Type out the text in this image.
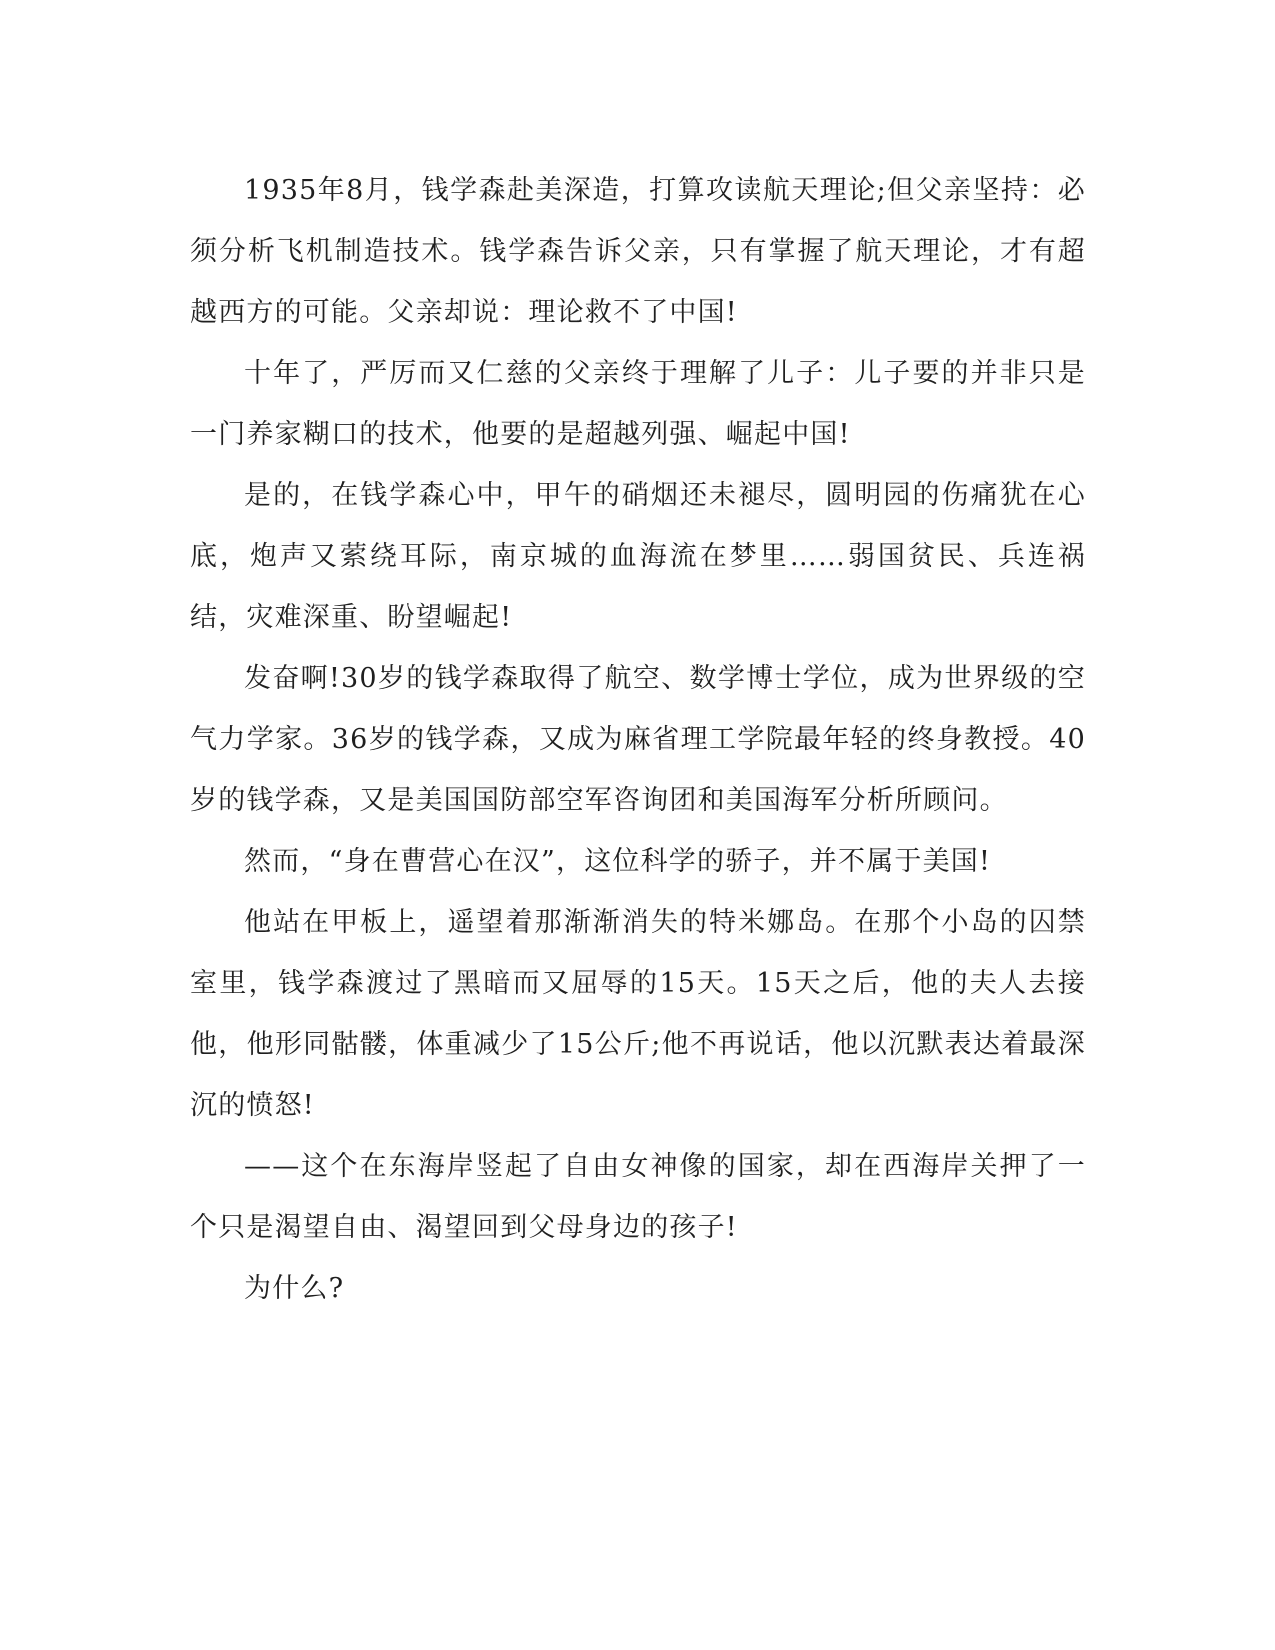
1935年8月，钱学森赴美深造，打算攻读航天理论;但父亲坚持：必须分析飞机制造技术。钱学森告诉父亲，只有掌握了航天理论，才有超越西方的可能。父亲却说：理论救不了中国!

十年了，严厉而又仁慈的父亲终于理解了儿子：儿子要的并非只是一门养家糊口的技术，他要的是超越列强、崛起中国!

是的，在钱学森心中，甲午的硝烟还未褪尽，圆明园的伤痛犹在心底，炮声又萦绕耳际，南京城的血海流在梦里……弱国贫民、兵连祸结，灾难深重、盼望崛起!

发奋啊!30岁的钱学森取得了航空、数学博士学位，成为世界级的空气力学家。36岁的钱学森，又成为麻省理工学院最年轻的终身教授。40岁的钱学森，又是美国国防部空军咨询团和美国海军分析所顾问。

然而，“身在曹营心在汉”，这位科学的骄子，并不属于美国!

他站在甲板上，遥望着那渐渐消失的特米娜岛。在那个小岛的囚禁室里，钱学森渡过了黑暗而又屈辱的15天。15天之后，他的夫人去接他，他形同骷髅，体重减少了15公斤;他不再说话，他以沉默表达着最深沉的愤怒!

——这个在东海岸竖起了自由女神像的国家，却在西海岸关押了一个只是渴望自由、渴望回到父母身边的孩子!

为什么?
